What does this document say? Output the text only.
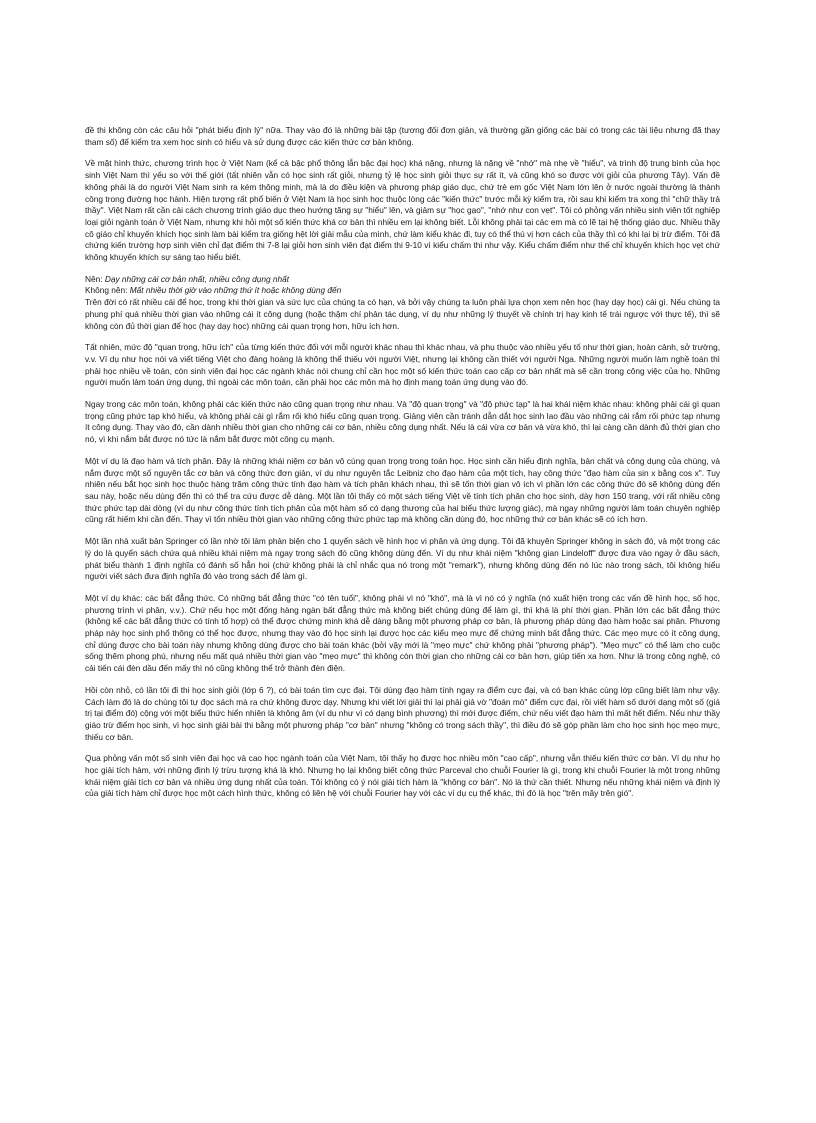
đề thi không còn các câu hỏi "phát biểu định lý" nữa. Thay vào đó là những bài tập (tương đối đơn giản, và thường gần giống các bài có trong các tài liệu nhưng đã thay tham số) để kiểm tra xem học sinh có hiểu và sử dụng được các kiến thức cơ bản không.

Về mặt hình thức, chương trình học ở Việt Nam (kể cả bậc phổ thông lẫn bậc đại học) khá nặng, nhưng là nặng về "nhớ" mà nhẹ về "hiểu", và trình độ trung bình của học sinh Việt Nam thì yếu so với thế giới (tất nhiên vẫn có học sinh rất giỏi, nhưng tỷ lệ học sinh giỏi thực sự rất ít, và cũng khó so được với giỏi của phương Tây). Vấn đề không phải là do người Việt Nam sinh ra kém thông minh, mà là do điều kiện và phương pháp giáo dục, chứ trẻ em gốc Việt Nam lớn lên ở nước ngoài thường là thành công trong đường học hành. Hiện tượng rất phổ biến ở Việt Nam là học sinh học thuộc lòng các "kiến thức" trước mỗi kỳ kiểm tra, rồi sau khi kiểm tra xong thì "chữ thầy trả thầy". Việt Nam rất cần cải cách chương trình giáo dục theo hướng tăng sự "hiểu" lên, và giảm sự "học gạo", "nhớ như con vẹt". Tôi có phỏng vấn nhiều sinh viên tốt nghiệp loại giỏi ngành toán ở Việt Nam, nhưng khi hỏi một số kiến thức khá cơ bản thì nhiều em lại không biết. Lỗi không phải tại các em mà có lẽ tại hệ thống giáo dục. Nhiều thầy cô giáo chỉ khuyến khích học sinh làm bài kiểm tra giống hệt lời giải mẫu của mình, chứ làm kiểu khác đi, tuy có thể thú vị hơn cách của thầy thì có khi lại bị trừ điểm. Tôi đã chứng kiến trường hợp sinh viên chỉ đạt điểm thi 7-8 lại giỏi hơn sinh viên đạt điểm thi 9-10 vì kiểu chấm thi như vậy. Kiểu chấm điểm như thế chỉ khuyến khích học vẹt chứ không khuyến khích sự sáng tạo hiểu biết.

Nên: Dạy những cái cơ bản nhất, nhiều công dụng nhất
Không nên: Mất nhiều thời giờ vào những thứ ít hoặc không dùng đến

Trên đời có rất nhiều cái để học, trong khi thời gian và sức lực của chúng ta có hạn, và bởi vậy chúng ta luôn phải lựa chọn xem nên học (hay dạy học) cái gì. Nếu chúng ta phung phí quá nhiều thời gian vào những cái ít công dụng (hoặc thậm chí phản tác dụng, ví dụ như những lý thuyết về chính trị hay kinh tế trái ngược với thực tế), thì sẽ không còn đủ thời gian để học (hay dạy học) những cái quan trọng hơn, hữu ích hơn.

Tất nhiên, mức độ "quan trọng, hữu ích" của từng kiến thức đối với mỗi người khác nhau thì khác nhau, và phụ thuộc vào nhiều yếu tố như thời gian, hoàn cảnh, sở trường, v.v. Ví dụ như học nói và viết tiếng Việt cho đàng hoàng là không thể thiếu với người Việt, nhưng lại không cần thiết với người Nga. Những người muốn làm nghề toán thì phải học nhiều về toán, còn sinh viên đại học các ngành khác nói chung chỉ cần học một số kiến thức toán cao cấp cơ bản nhất mà sẽ cần trong công việc của họ. Những người muốn làm toán ứng dụng, thì ngoài các môn toán, cần phải học các môn mà họ định mang toán ứng dụng vào đó.

Ngay trong các môn toán, không phải các kiến thức nào cũng quan trọng như nhau. Và "độ quan trọng" và "độ phức tạp" là hai khái niệm khác nhau: không phải cái gì quan trọng cũng phức tạp khó hiểu, và không phải cái gì rắm rối khó hiểu cũng quan trọng. Giảng viên cần tránh dẫn dắt học sinh lao đầu vào những cái rắm rối phức tạp nhưng ít công dụng. Thay vào đó, cần dành nhiều thời gian cho những cái cơ bản, nhiều công dụng nhất. Nếu là cái vừa cơ bản và vừa khó, thì lại càng cần dành đủ thời gian cho nó, vì khi nắm bắt được nó tức là nắm bắt được một công cụ mạnh.

Một ví dụ là đạo hàm và tích phân. Đây là những khái niệm cơ bản vô cùng quan trọng trong toán học. Học sinh cần hiểu định nghĩa, bản chất và công dụng của chúng, và nắm được một số nguyên tắc cơ bản và công thức đơn giản, ví dụ như nguyên tắc Leibniz cho đạo hàm của một tích, hay công thức "đạo hàm của sin x bằng cos x". Tuy nhiên nếu bắt học sinh học thuộc hàng trăm công thức tính đạo hàm và tích phân khách nhau, thì sẽ tốn thời gian vô ích vì phần lớn các công thức đó sẽ không dùng đến sau này, hoặc nếu dùng đến thì có thể tra cứu được dễ dàng. Một lần tôi thấy có một sách tiếng Việt về tính tích phân cho học sinh, dày hơn 150 trang, với rất nhiều công thức phức tạp dài dòng (ví dụ như công thức tính tích phân của một hàm số có dạng thương của hai biểu thức lượng giác), mà ngay những người làm toán chuyên nghiệp cũng rất hiếm khi cần đến. Thay vì tốn nhiều thời gian vào những công thức phức tạp mà không cần dùng đó, học những thứ cơ bản khác sẽ có ích hơn.

Một lần nhà xuất bản Springer có lần nhờ tôi làm phản biện cho 1 quyển sách về hình học vi phân và ứng dụng. Tôi đã khuyên Springer không in sách đó, và một trong các lý do là quyển sách chứa quá nhiều khái niệm mà ngay trong sách đó cũng không dùng đến. Ví dụ như khái niệm "không gian Lindeloff" được đưa vào ngay ở đầu sách, phát biểu thành 1 định nghĩa có đánh số hẳn hoi (chứ không phải là chỉ nhắc qua nó trong một "remark"), nhưng không dùng đến nó lúc nào trong sách, tôi không hiểu người viết sách đưa định nghĩa đó vào trong sách để làm gì.

Một ví dụ khác: các bất đẳng thức. Có những bất đẳng thức "có tên tuổi", không phải vì nó "khó", mà là vì nó có ý nghĩa (nó xuất hiện trong các vấn đề hình học, số học, phương trình vi phân, v.v.). Chứ nếu học một đống hàng ngàn bất đẳng thức mà không biết chúng dùng để làm gì, thì khá là phí thời gian. Phần lớn các bất đẳng thức (không kể các bất đẳng thức có tính tổ hợp) có thể được chứng minh khá dễ dàng bằng một phương pháp cơ bản, là phương pháp dùng đạo hàm hoặc sai phân. Phương pháp này học sinh phổ thông có thể học được, nhưng thay vào đó học sinh lại được học các kiểu mẹo mực để chứng minh bất đẳng thức. Các mẹo mực có ít công dụng, chỉ dùng được cho bài toán này nhưng không dùng được cho bài toán khác (bởi vậy mới là "mẹo mực" chứ không phải "phương pháp"). "Mẹo mực" có thể làm cho cuộc sống thêm phong phú, nhưng nếu mất quá nhiều thời gian vào "mẹo mực" thì không còn thời gian cho những cái cơ bản hơn, giúp tiến xa hơn. Như là trong công nghệ, có cải tiến cái đèn dầu đến mấy thì nó cũng không thể trở thành đèn điện.

Hồi còn nhỏ, có lần tôi đi thi học sinh giỏi (lớp 6 ?), có bài toán tìm cực đại. Tôi dùng đạo hàm tính ngay ra điểm cực đại, và có bạn khác cùng lớp cũng biết làm như vậy. Cách làm đó là do chúng tôi tự đọc sách mà ra chứ không được dạy. Nhưng khi viết lời giải thì lại phải giả vờ "đoán mò" điểm cực đại, rồi viết hàm số dưới dạng một số (giá trị tại điểm đó) cộng với một biểu thức hiển nhiên là không âm (ví dụ như vì có dạng bình phương) thì mới được điểm, chứ nếu viết đạo hàm thì mất hết điểm. Nếu như thầy giáo trừ điểm học sinh, vì học sinh giải bài thi bằng một phương pháp "cơ bản" nhưng "không có trong sách thầy", thì điều đó sẽ góp phần làm cho học sinh học mẹo mực, thiếu cơ bản.

Qua phỏng vấn một số sinh viên đại học và cao học ngành toán của Việt Nam, tôi thấy họ được học nhiều môn "cao cấp", nhưng vẫn thiếu kiến thức cơ bản. Ví dụ như họ học giải tích hàm, với những định lý trừu tượng khá là khó. Nhưng họ lại không biết công thức Parceval cho chuỗi Fourier là gì, trong khi chuỗi Fourier là một trong những khái niệm giải tích cơ bản và nhiều ứng dụng nhất của toán. Tôi không có ý nói giải tích hàm là "không cơ bản". Nó là thứ cần thiết. Nhưng nếu những khái niệm và định lý của giải tích hàm chỉ được học một cách hình thức, không có liên hệ với chuỗi Fourier hay với các ví dụ cụ thể khác, thì đó là học "trên mây trên gió".
